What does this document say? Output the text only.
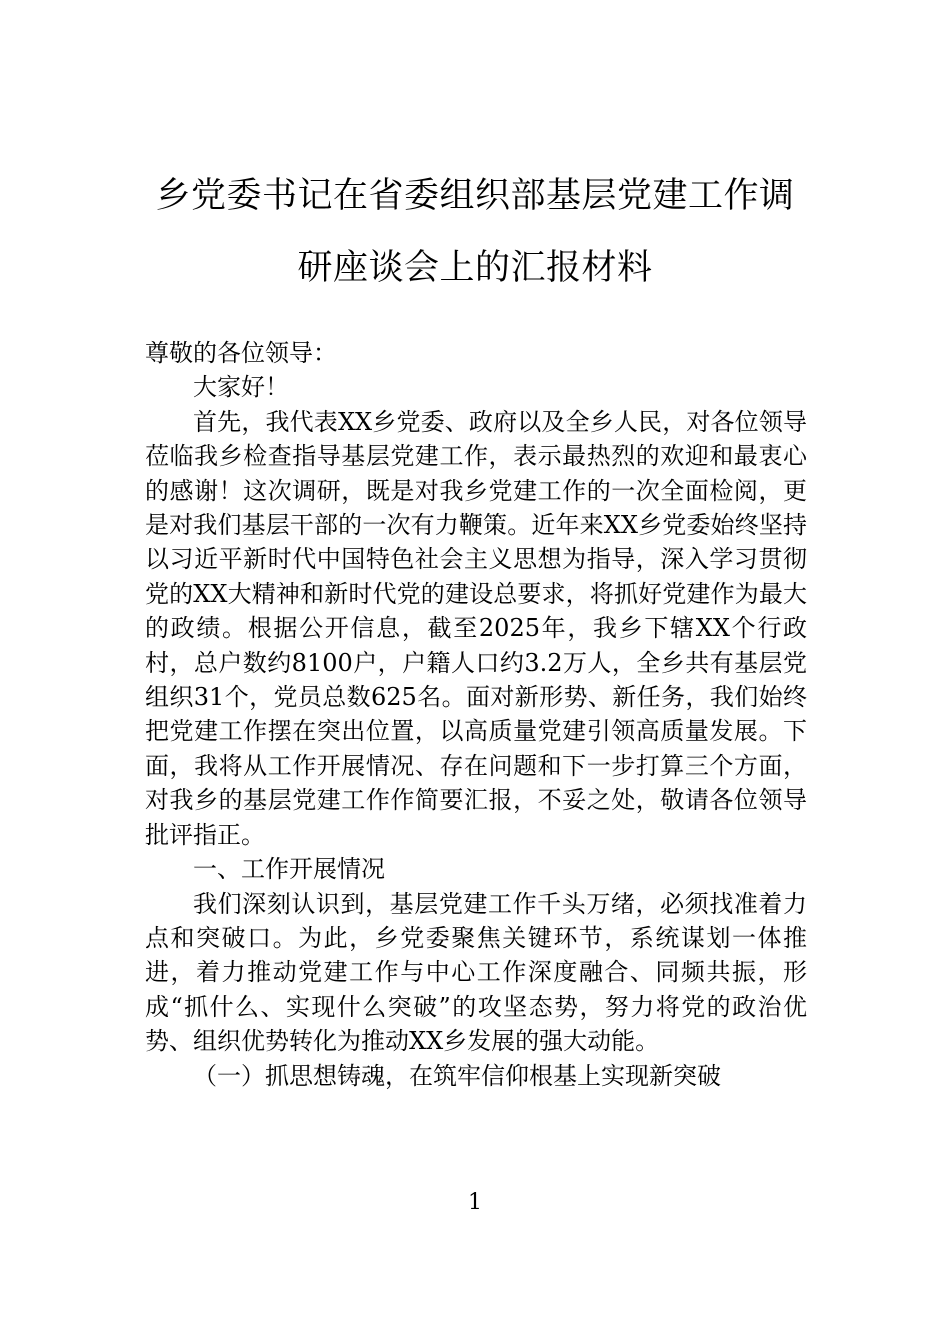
乡党委书记在省委组织部基层党建工作调
研座谈会上的汇报材料

尊敬的各位领导：

大家好！

首先，我代表XX乡党委、政府以及全乡人民，对各位领导莅临我乡检查指导基层党建工作，表示最热烈的欢迎和最衷心的感谢！这次调研，既是对我乡党建工作的一次全面检阅，更是对我们基层干部的一次有力鞭策。近年来XX乡党委始终坚持以习近平新时代中国特色社会主义思想为指导，深入学习贯彻党的XX大精神和新时代党的建设总要求，将抓好党建作为最大的政绩。根据公开信息，截至2025年，我乡下辖XX个行政村，总户数约8100户，户籍人口约3.2万人，全乡共有基层党组织31个，党员总数625名。面对新形势、新任务，我们始终把党建工作摆在突出位置，以高质量党建引领高质量发展。下面，我将从工作开展情况、存在问题和下一步打算三个方面，对我乡的基层党建工作作简要汇报，不妥之处，敬请各位领导批评指正。

一、工作开展情况

我们深刻认识到，基层党建工作千头万绪，必须找准着力点和突破口。为此，乡党委聚焦关键环节，系统谋划一体推进，着力推动党建工作与中心工作深度融合、同频共振，形成“抓什么、实现什么突破”的攻坚态势，努力将党的政治优势、组织优势转化为推动XX乡发展的强大动能。

（一）抓思想铸魂，在筑牢信仰根基上实现新突破

1
